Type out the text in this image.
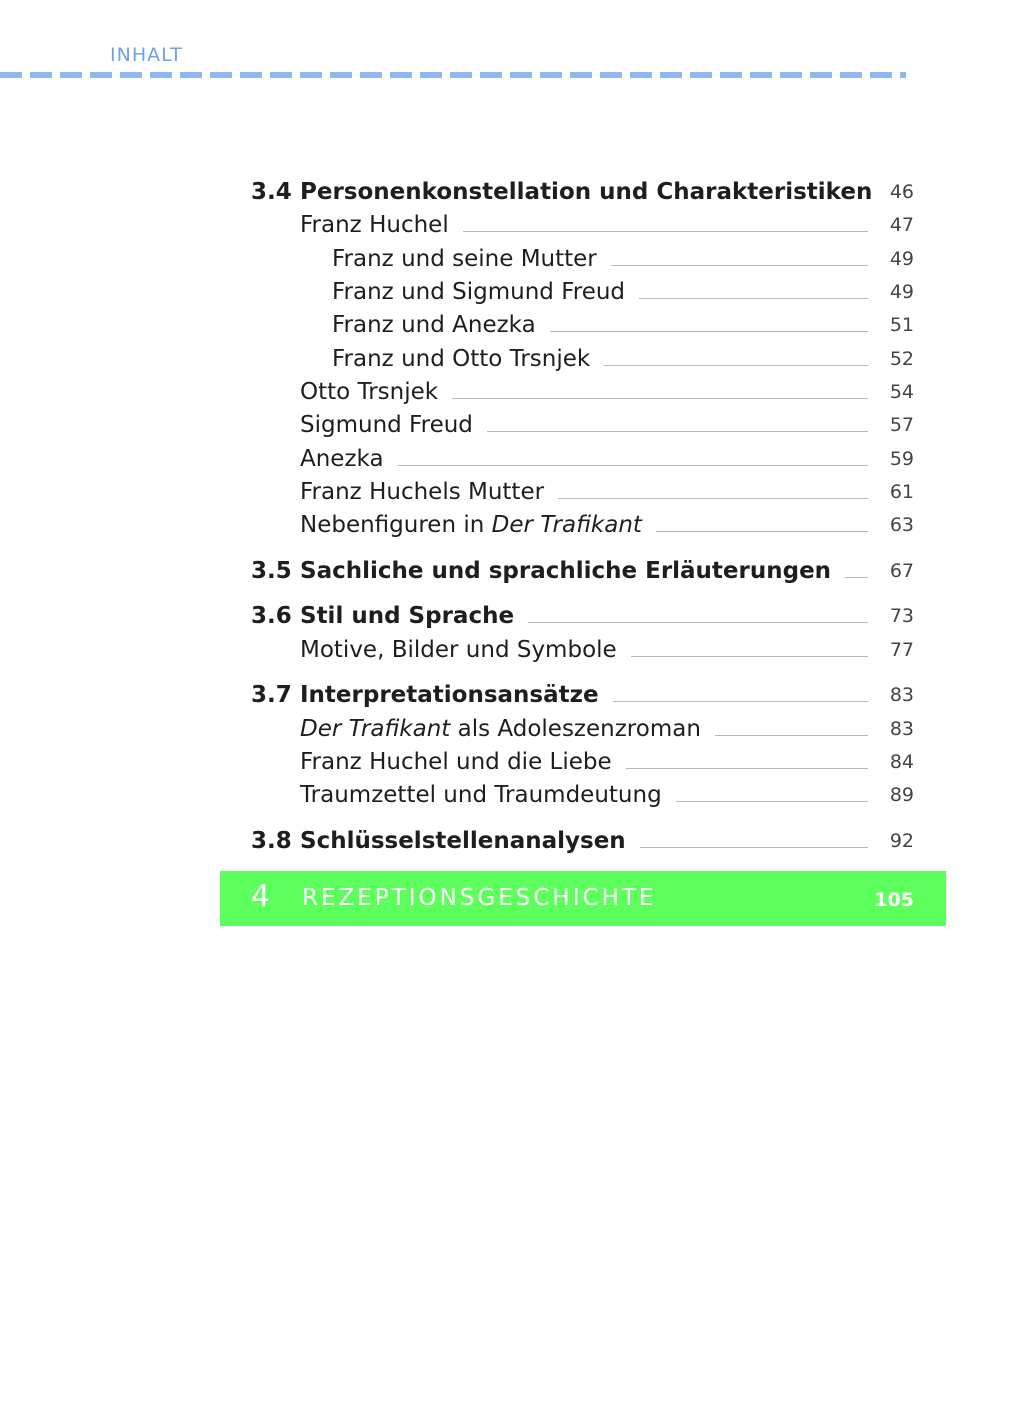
INHALT
3.4 Personenkonstellation und Charakteristiken 46
Franz Huchel	47
Franz und seine Mutter	49
Franz und Sigmund Freud	49
Franz und Anezka	51
Franz und Otto Trsnjek	52
Otto Trsnjek	54
Sigmund Freud	57
Anezka	59
Franz Huchels Mutter	61
Nebenfiguren in Der Trafikant	63
3.5 Sachliche und sprachliche Erläuterungen	67
3.6 Stil und Sprache	73
Motive, Bilder und Symbole	77
3.7 Interpretationsansätze	83
Der Trafikant als Adoleszenzroman	83
Franz Huchel und die Liebe	84
Traumzettel und Traumdeutung	89
3.8 Schlüsselstellenanalysen	92
4 REZEPTIONSGESCHICHTE	105
